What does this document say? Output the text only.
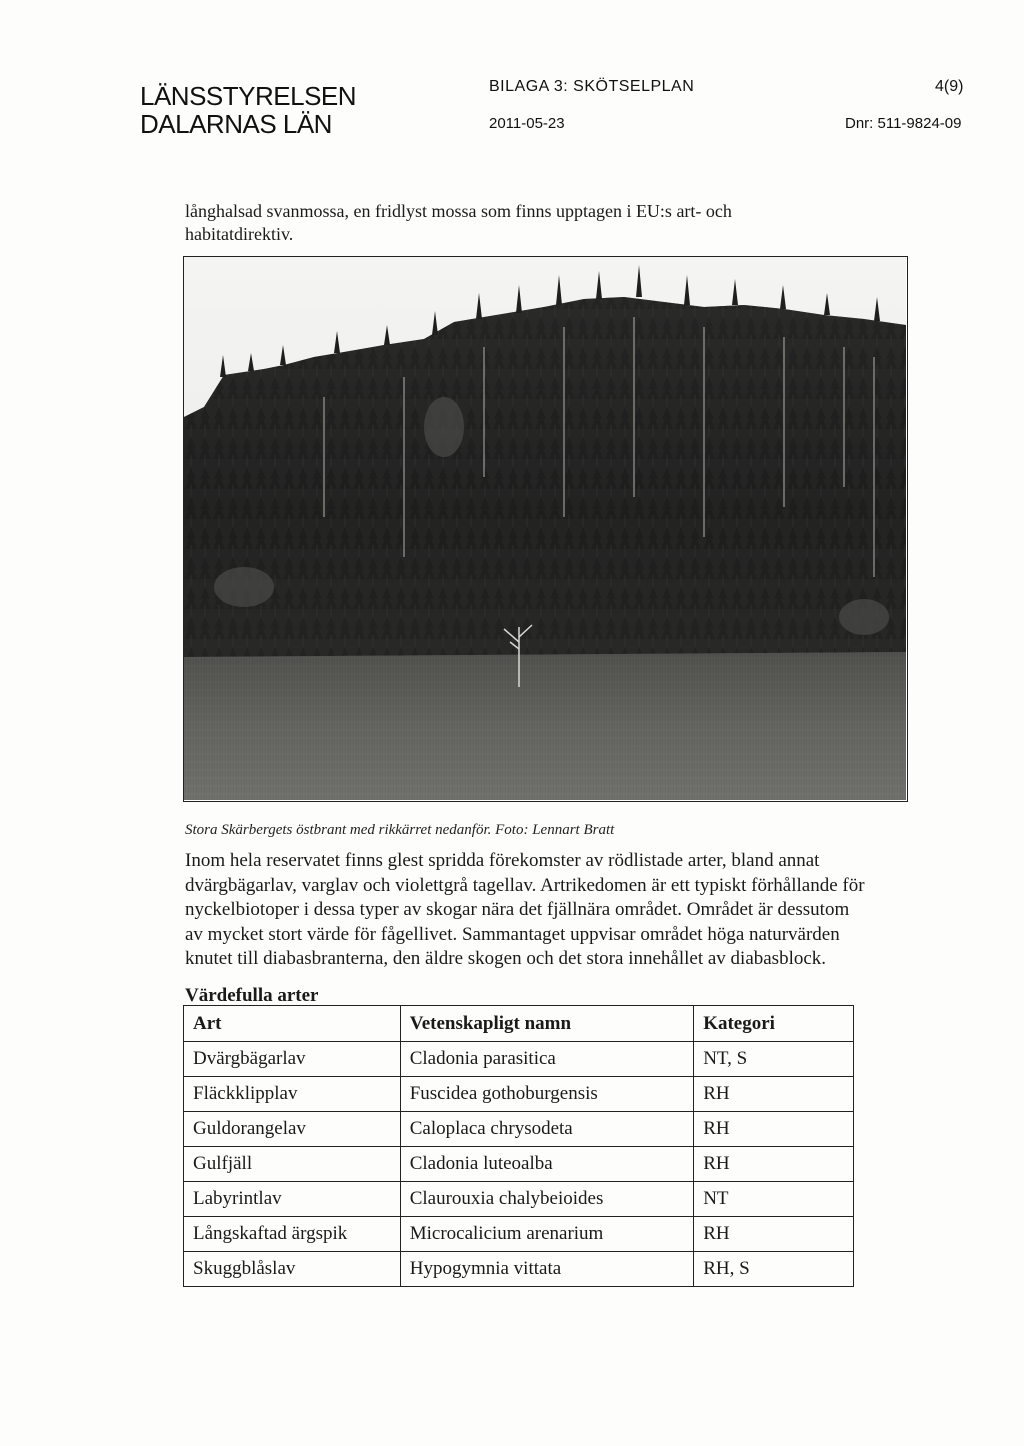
LÄNSSTYRELSEN
DALARNAS LÄN
BILAGA 3: SKÖTSELPLAN	4(9)
2011-05-23	Dnr: 511-9824-09
långhalsad svanmossa, en fridlyst mossa som finns upptagen i EU:s art- och habitatdirektiv.
Stora Skärbergets östbrant med rikkärret nedanför. Foto: Lennart Bratt
Inom hela reservatet finns glest spridda förekomster av rödlistade arter, bland annat dvärgbägarlav, varglav och violettgrå tagellav. Artrikedomen är ett typiskt förhållande för nyckelbiotoper i dessa typer av skogar nära det fjällnära området. Området är dessutom av mycket stort värde för fågellivet. Sammantaget uppvisar området höga naturvärden knutet till diabasbranterna, den äldre skogen och det stora innehållet av diabasblock.
Värdefulla arter
Art	Vetenskapligt namn	Kategori
Dvärgbägarlav	Cladonia parasitica	NT, S
Fläckklipplav	Fuscidea gothoburgensis	RH
Guldorangelav	Caloplaca chrysodeta	RH
Gulfjäll	Cladonia luteoalba	RH
Labyrintlav	Claurouxia chalybeioides	NT
Långskaftad ärgspik	Microcalicium arenarium	RH
Skuggblåslav	Hypogymnia vittata	RH, S
